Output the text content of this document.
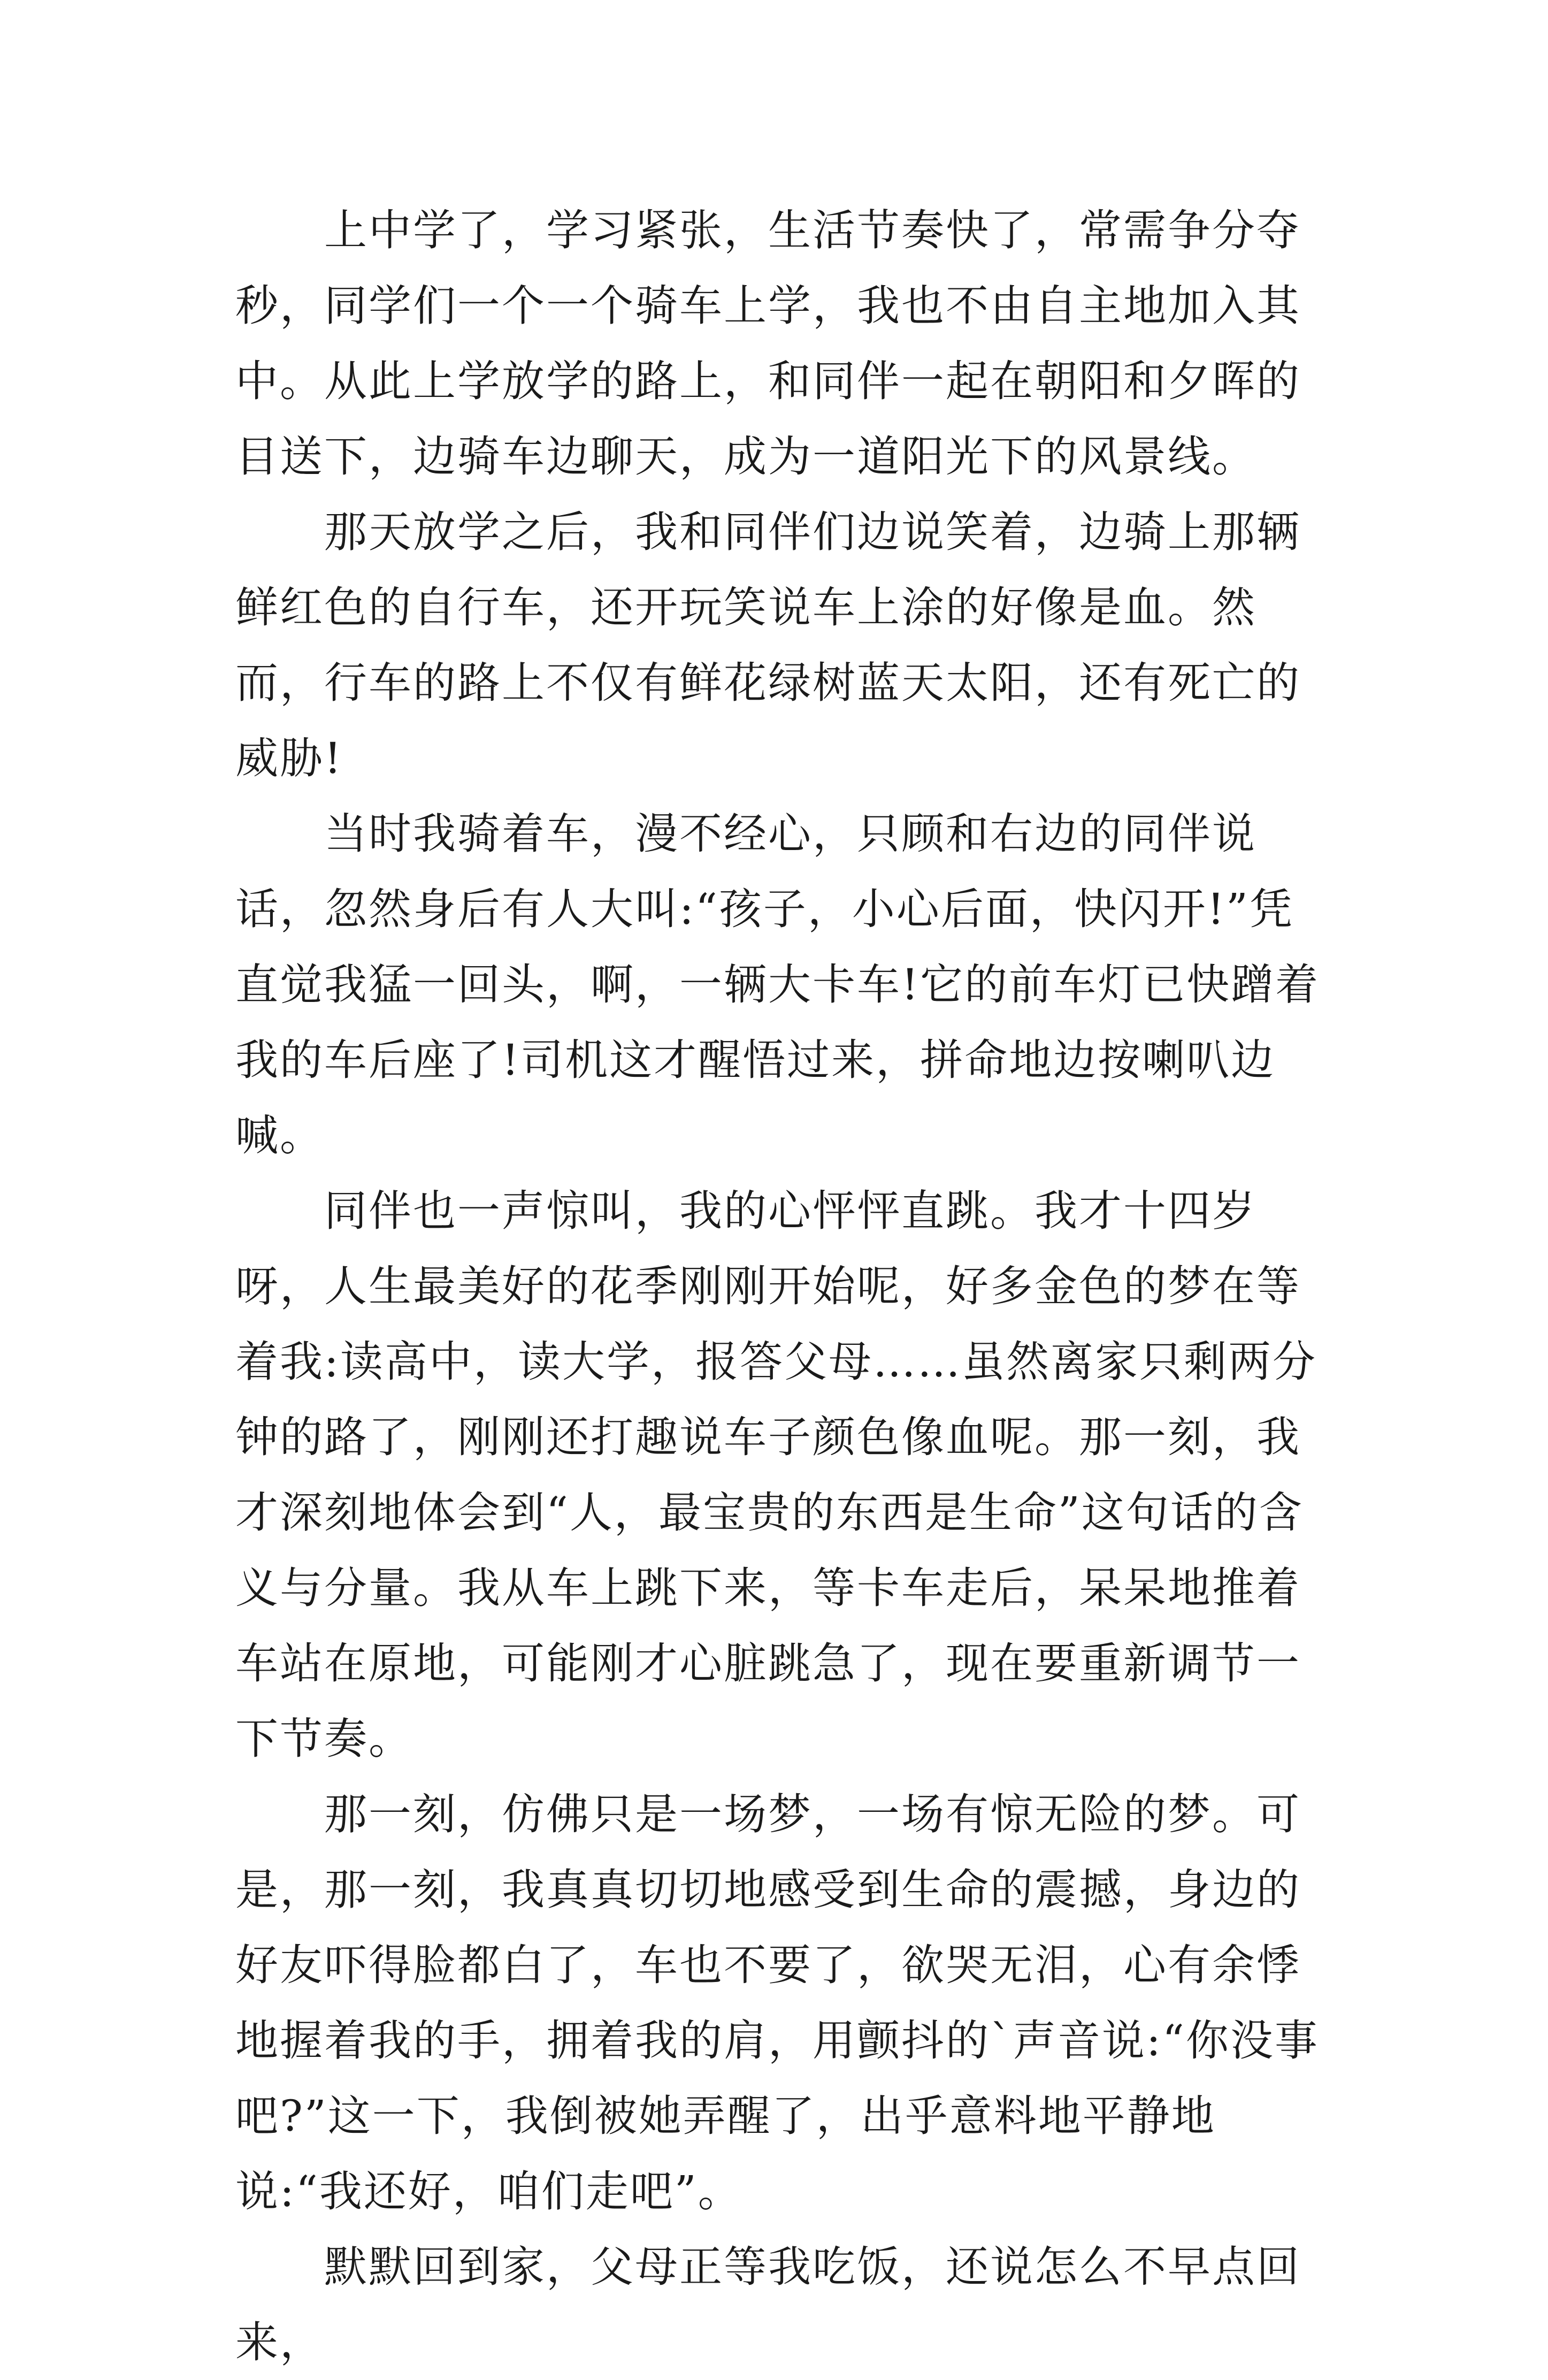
上中学了，学习紧张，生活节奏快了，常需争分夺秒，同学们一个一个骑车上学，我也不由自主地加入其中。从此上学放学的路上，和同伴一起在朝阳和夕晖的目送下，边骑车边聊天，成为一道阳光下的风景线。

那天放学之后，我和同伴们边说笑着，边骑上那辆鲜红色的自行车，还开玩笑说车上涂的好像是血。然而，行车的路上不仅有鲜花绿树蓝天太阳，还有死亡的威胁!

当时我骑着车，漫不经心，只顾和右边的同伴说话，忽然身后有人大叫:“孩子，小心后面，快闪开!”凭直觉我猛一回头，啊，一辆大卡车!它的前车灯已快蹭着我的车后座了!司机这才醒悟过来，拼命地边按喇叭边喊。

同伴也一声惊叫，我的心怦怦直跳。我才十四岁呀，人生最美好的花季刚刚开始呢，好多金色的梦在等着我:读高中，读大学，报答父母……虽然离家只剩两分钟的路了，刚刚还打趣说车子颜色像血呢。那一刻，我才深刻地体会到“人，最宝贵的东西是生命”这句话的含义与分量。我从车上跳下来，等卡车走后，呆呆地推着车站在原地，可能刚才心脏跳急了，现在要重新调节一下节奏。

那一刻，仿佛只是一场梦，一场有惊无险的梦。可是，那一刻，我真真切切地感受到生命的震撼，身边的好友吓得脸都白了，车也不要了，欲哭无泪，心有余悸地握着我的手，拥着我的肩，用颤抖的`声音说:“你没事吧?”这一下，我倒被她弄醒了，出乎意料地平静地说:“我还好，咱们走吧”。

默默回到家，父母正等我吃饭，还说怎么不早点回来，
